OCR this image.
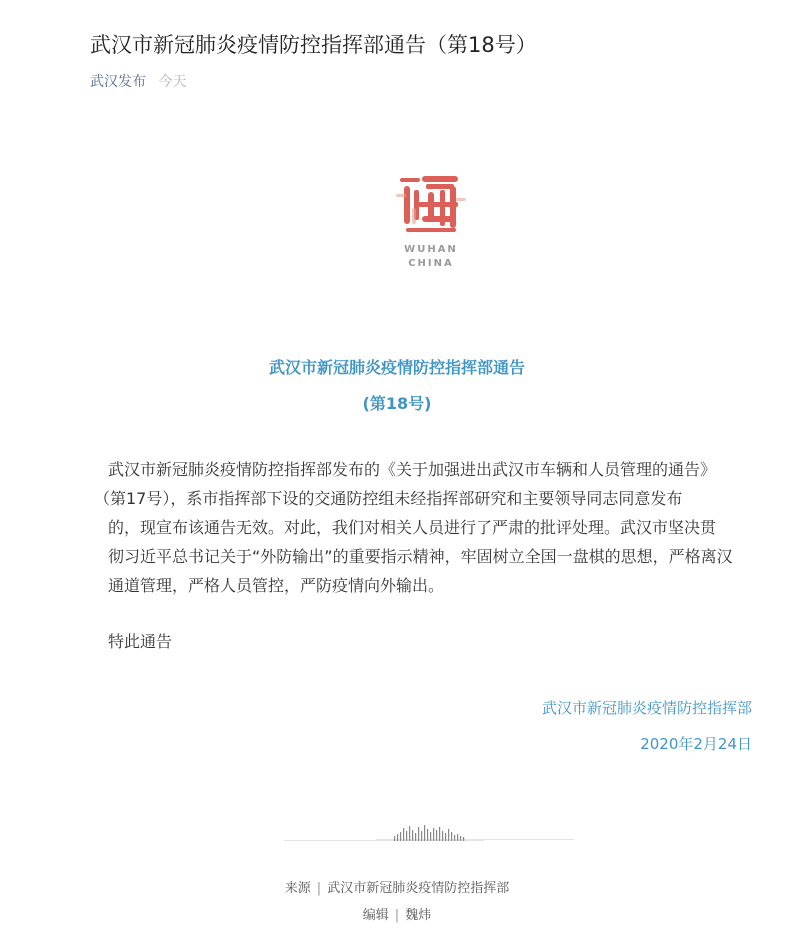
武汉市新冠肺炎疫情防控指挥部通告（第18号）
武汉发布 今天
WUHAN
CHINA
武汉市新冠肺炎疫情防控指挥部通告
(第18号)
武汉市新冠肺炎疫情防控指挥部发布的《关于加强进出武汉市车辆和人员管理的通告》
（第17号），系市指挥部下设的交通防控组未经指挥部研究和主要领导同志同意发布
的，现宣布该通告无效。对此，我们对相关人员进行了严肃的批评处理。武汉市坚决贯
彻习近平总书记关于“外防输出”的重要指示精神，牢固树立全国一盘棋的思想，严格离汉
通道管理，严格人员管控，严防疫情向外输出。
特此通告
武汉市新冠肺炎疫情防控指挥部
2020年2月24日
来源 | 武汉市新冠肺炎疫情防控指挥部
编辑 | 魏炜
